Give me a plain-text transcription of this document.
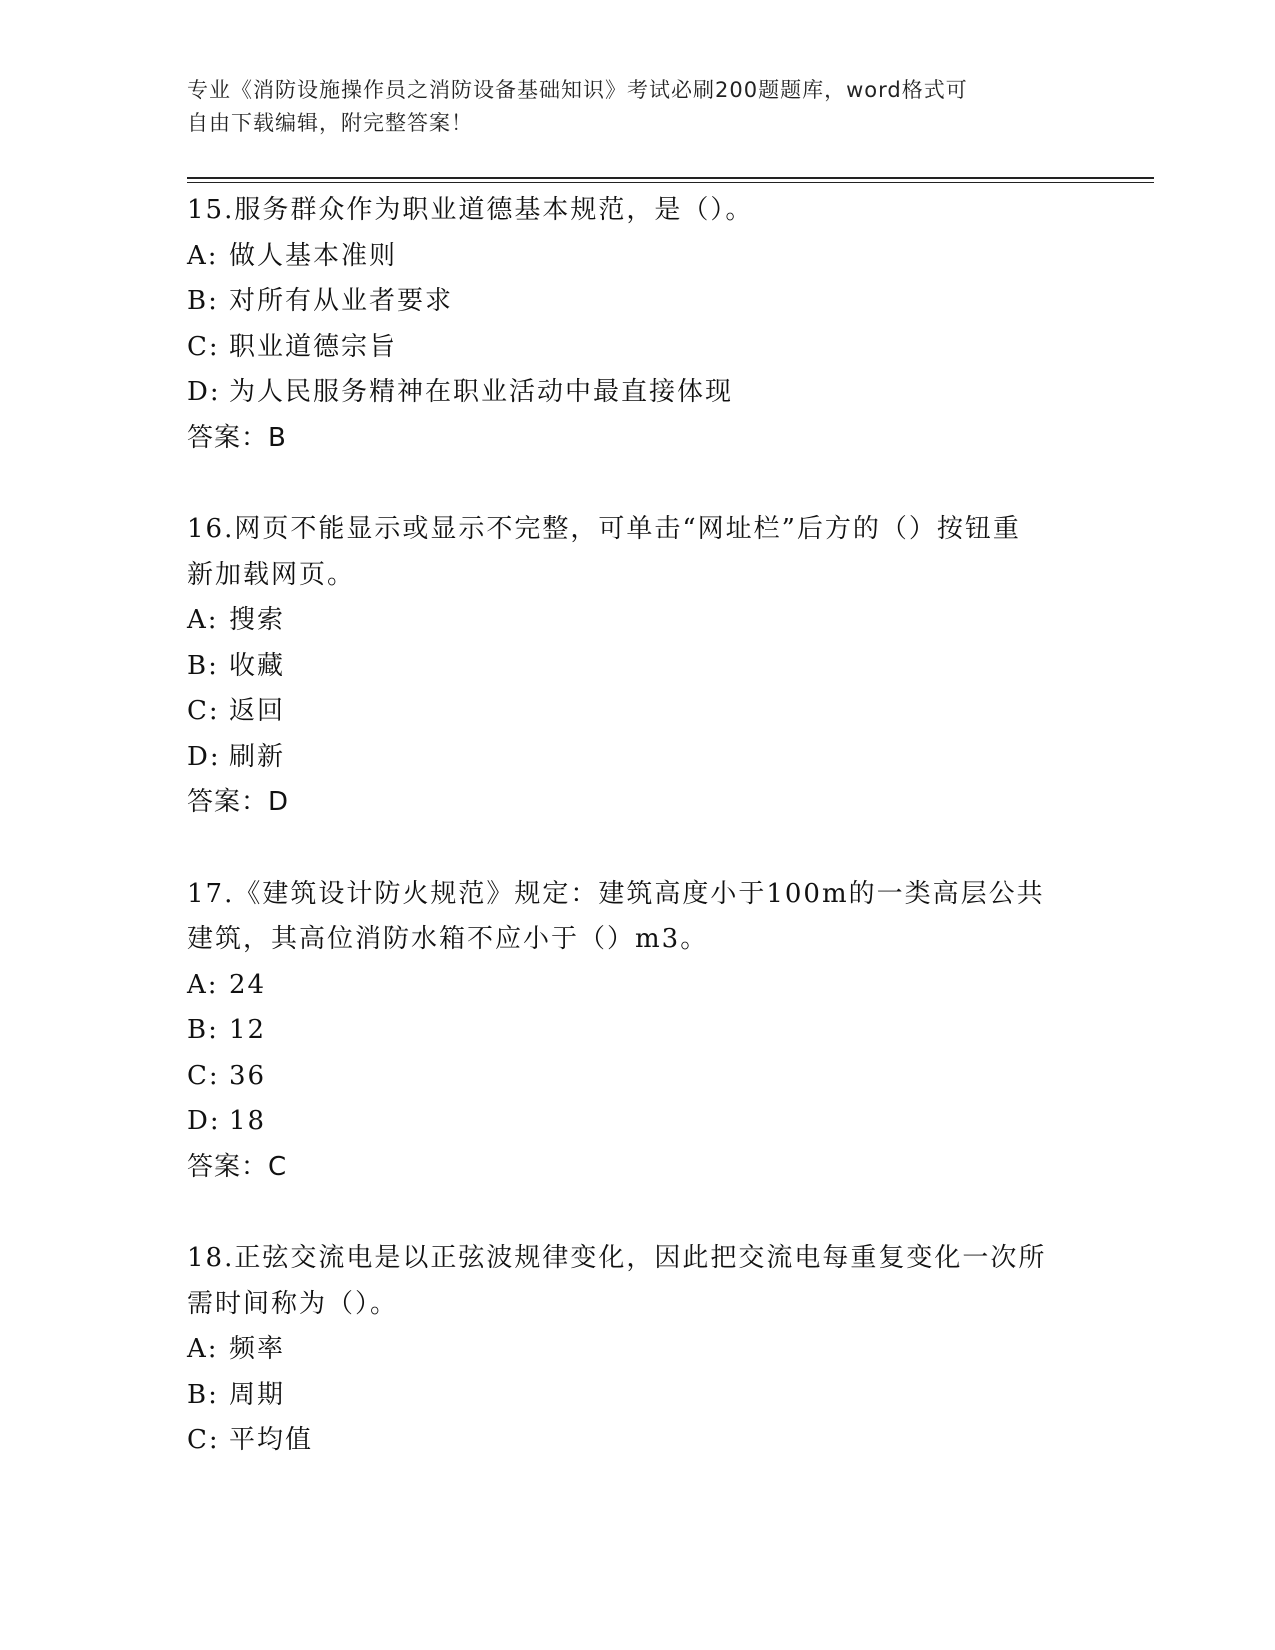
专业《消防设施操作员之消防设备基础知识》考试必刷200题题库，word格式可
自由下载编辑，附完整答案！
15.服务群众作为职业道德基本规范，是（）。
A: 做人基本准则
B: 对所有从业者要求
C: 职业道德宗旨
D: 为人民服务精神在职业活动中最直接体现
答案：B
16.网页不能显示或显示不完整，可单击“网址栏”后方的（）按钮重
新加载网页。
A: 搜索
B: 收藏
C: 返回
D: 刷新
答案：D
17.《建筑设计防火规范》规定：建筑高度小于100m的一类高层公共
建筑，其高位消防水箱不应小于（）m3。
A: 24
B: 12
C: 36
D: 18
答案：C
18.正弦交流电是以正弦波规律变化，因此把交流电每重复变化一次所
需时间称为（）。
A: 频率
B: 周期
C: 平均值
